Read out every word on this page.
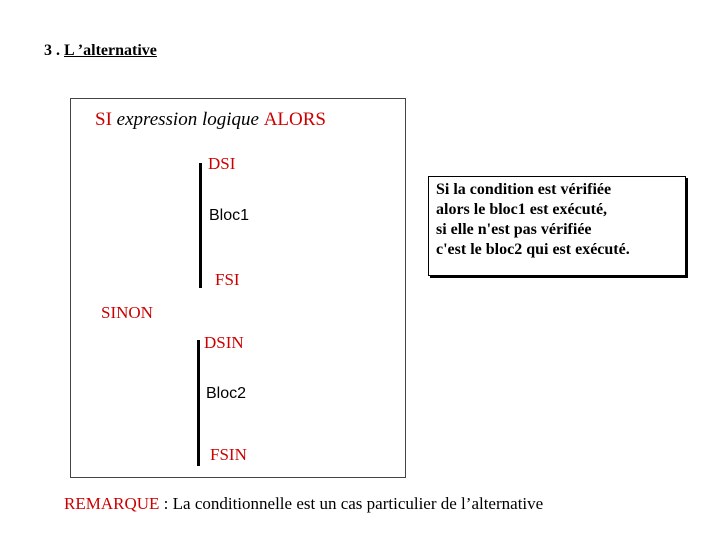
3 . L ’alternative
SI expression logique ALORS
DSI
Bloc1
FSI
SINON
DSIN
Bloc2
FSIN
Si la condition est vérifiée
alors le bloc1 est exécuté,
si elle n'est pas vérifiée
c'est le bloc2 qui est exécuté.
REMARQUE : La conditionnelle est un cas particulier de l’alternative
